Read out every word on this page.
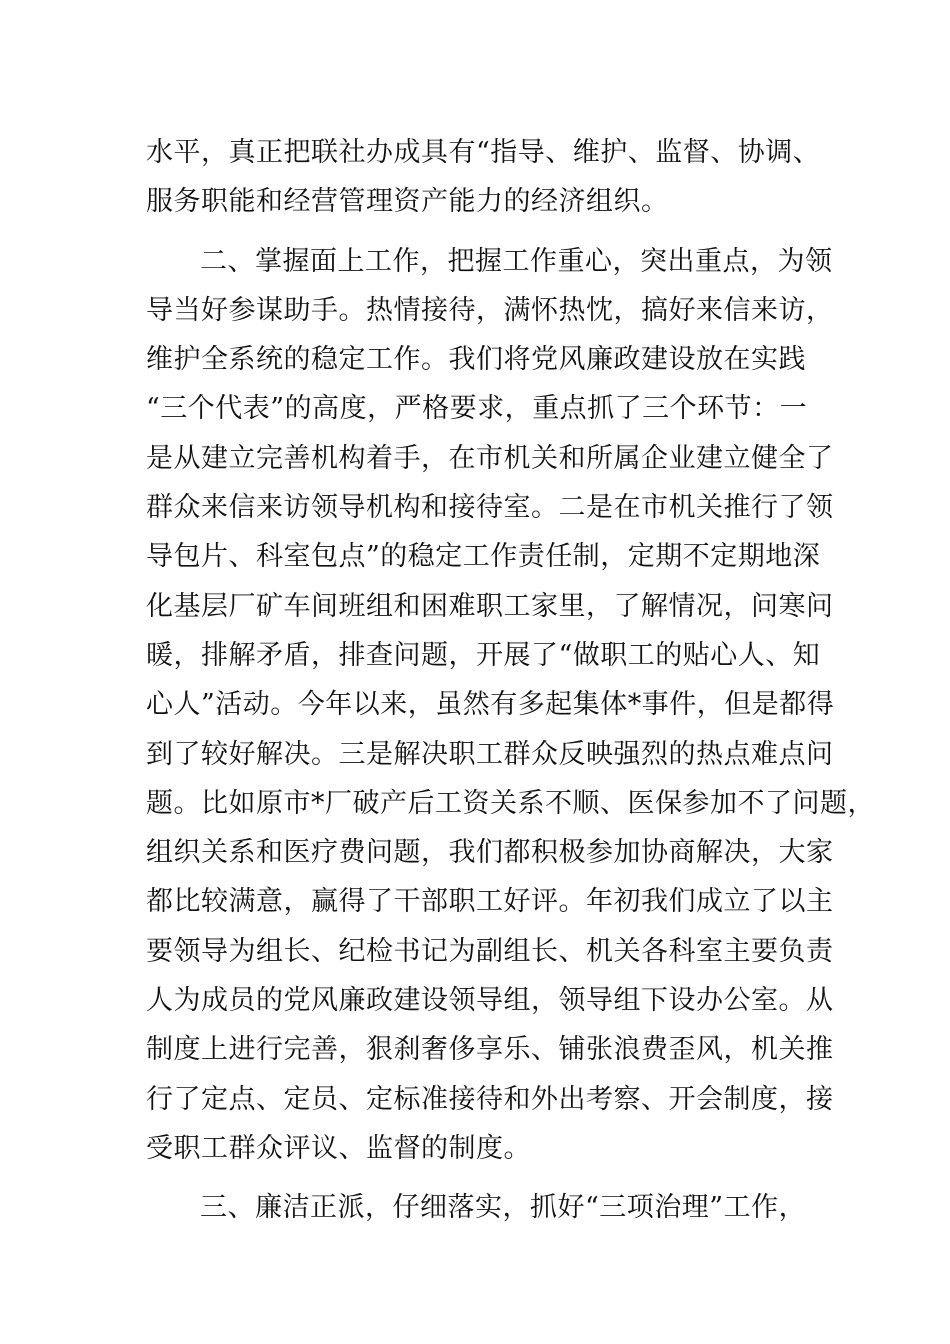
水平，真正把联社办成具有“指导、维护、监督、协调、
服务职能和经营管理资产能力的经济组织。
二、掌握面上工作，把握工作重心，突出重点，为领
导当好参谋助手。热情接待，满怀热忱，搞好来信来访，
维护全系统的稳定工作。我们将党风廉政建设放在实践
“三个代表”的高度，严格要求，重点抓了三个环节：一
是从建立完善机构着手，在市机关和所属企业建立健全了
群众来信来访领导机构和接待室。二是在市机关推行了领
导包片、科室包点”的稳定工作责任制，定期不定期地深
化基层厂矿车间班组和困难职工家里，了解情况，问寒问
暖，排解矛盾，排查问题，开展了“做职工的贴心人、知
心人”活动。今年以来，虽然有多起集体*事件，但是都得
到了较好解决。三是解决职工群众反映强烈的热点难点问
题。比如原市*厂破产后工资关系不顺、医保参加不了问题，
组织关系和医疗费问题，我们都积极参加协商解决，大家
都比较满意，赢得了干部职工好评。年初我们成立了以主
要领导为组长、纪检书记为副组长、机关各科室主要负责
人为成员的党风廉政建设领导组，领导组下设办公室。从
制度上进行完善，狠刹奢侈享乐、铺张浪费歪风，机关推
行了定点、定员、定标准接待和外出考察、开会制度，接
受职工群众评议、监督的制度。
三、廉洁正派，仔细落实，抓好“三项治理”工作，
